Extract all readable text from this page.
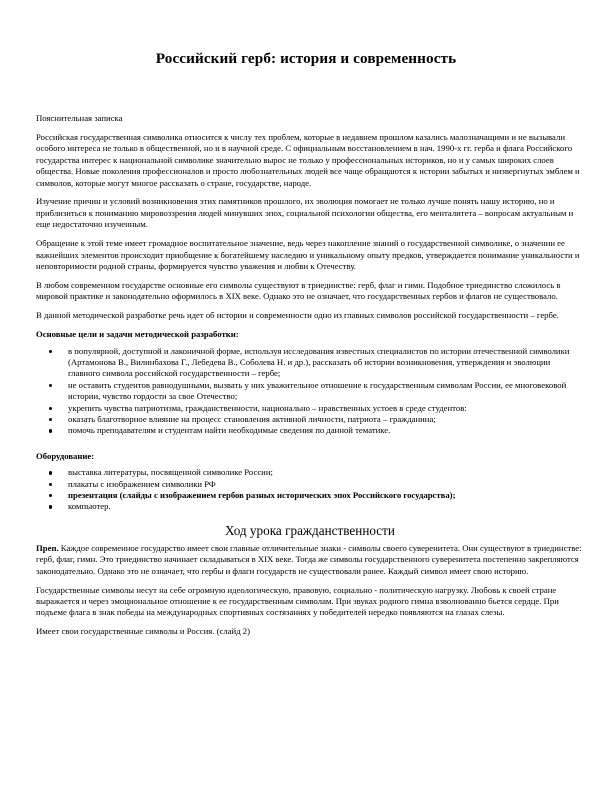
Российский герб: история и современность

Пояснительная записка

Российская государственная символика относится к числу тех проблем, которые в недавнем прошлом казались малозначащими и не вызывали особого интереса не только в общественной, но и в научной среде. С официальным восстановлением в нач. 1990-х гг. герба и флага Российского государства интерес к национальной символике значительно вырос не только у профессиональных историков, но и у самых широких слоев общества. Новые поколения профессионалов и просто любознательных людей все чаще обращаются к истории забытых и низвергнутых эмблем и символов, которые могут многое рассказать о стране, государстве, народе.

Изучение причин и условий возникновения этих памятников прошлого, их эволюция помогает не только лучше понять нашу историю, но и приблизиться к пониманию мировоззрения людей минувших эпох, социальной психологии общества, его менталитета – вопросам актуальным и еще недостаточно изученным.

Обращение к этой теме имеет громадное воспитательное значение, ведь через накопление знаний о государственной символике, о значении ее важнейших элементов происходит приобщение к богатейшему наследию и уникальному опыту предков, утверждается понимание уникальности и неповторимости родной страны, формируется чувство уважения и любви к Отечеству.

В любом современном государстве основные его символы существуют в триединстве: герб, флаг и гимн. Подобное триединство сложилось в мировой практике и законодательно оформилось в XIX веке. Однако это не означает, что государственных гербов и флагов не существовало.

В данной методической разработке речь идет об истории и современности одно из главных символов российской государственности – гербе.

Основные цели и задачи методической разработки:

в популярной, доступной и лаконичной форме, используя исследования известных специалистов по истории отечественной символики (Артамонова В., Вилинбахова Г., Лебедева В., Соболева Н. и др.), рассказать об истории возникновения, утверждения и эволюции главного символа российской государственности – гербе;
не оставить студентов равнодушными, вызвать у них уважительное отношение к государственным символам России, ее многовековой истории, чувство гордости за свое Отечество;
укрепить чувства патриотизма, гражданственности, национально – нравственных устоев в среде студентов:
оказать благотворное влияние на процесс становления активной личности, патриота – гражданина;
помочь преподавателям и студентам найти необходимые сведения по данной тематике.

Оборудование:

выставка литературы, посвященной символике России;
плакаты с изображением символики РФ
презентация (слайды с изображением гербов разных исторических эпох Российского государства);
компьютер.
Ход урока гражданственности

Преп. Каждое современное государство имеет свои главные отличительные знаки - символы своего суверенитета. Они существуют в триединстве: герб, флаг, гимн. Это триединство начинает складываться в XIX веке. Тогда же символы государственного суверенитета постепенно закрепляются законодательно. Однако это не означает, что гербы и флаги государств не существовали ранее. Каждый символ имеет свою историю.

Государственные символы несут на себе огромную идеологическую, правовую, социально - политическую нагрузку. Любовь к своей стране выражается и через эмоциональное отношение к ее государственным символам. При звуках родного гимна взволнованно бьется сердце. При подъеме флага в знак победы на международных спортивных состязаниях у победителей нередко появляются на глазах слезы.

Имеет свои государственные символы и Россия. (слайд 2)
